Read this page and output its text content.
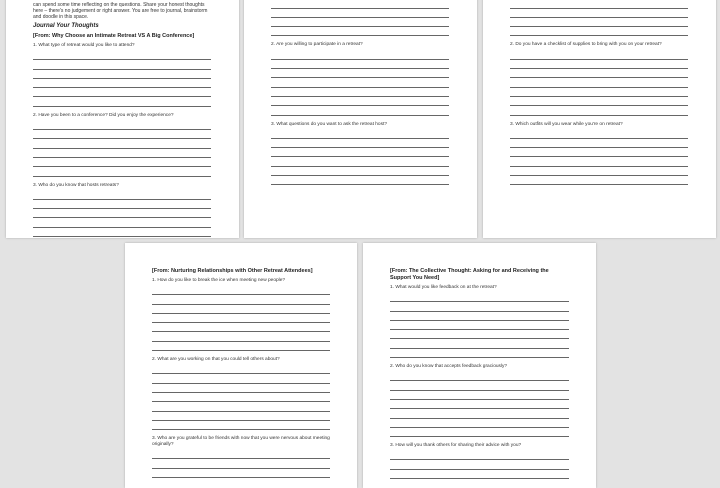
can spend some time reflecting on the questions. Share your honest thoughts here – there's no judgement or right answer. You are free to journal, brainstorm and doodle in this space.
Journal Your Thoughts
[From: Why Choose an Intimate Retreat VS A Big Conference]
1. What type of retreat would you like to attend?
2. Have you been to a conference? Did you enjoy the experience?
3. Who do you know that hosts retreats?
2. Are you willing to participate in a retreat?
3. What questions do you want to ask the retreat host?
2. Do you have a checklist of supplies to bring with you on your retreat?
3. Which outfits will you wear while you're on retreat?
[From: Nurturing Relationships with Other Retreat Attendees]
1. How do you like to break the ice when meeting new people?
2. What are you working on that you could tell others about?
3. Who are you grateful to be friends with now that you were nervous about meeting originally?
[From: The Collective Thought: Asking for and Receiving the Support You Need]
1. What would you like feedback on at the retreat?
2. Who do you know that accepts feedback graciously?
3. How will you thank others for sharing their advice with you?
